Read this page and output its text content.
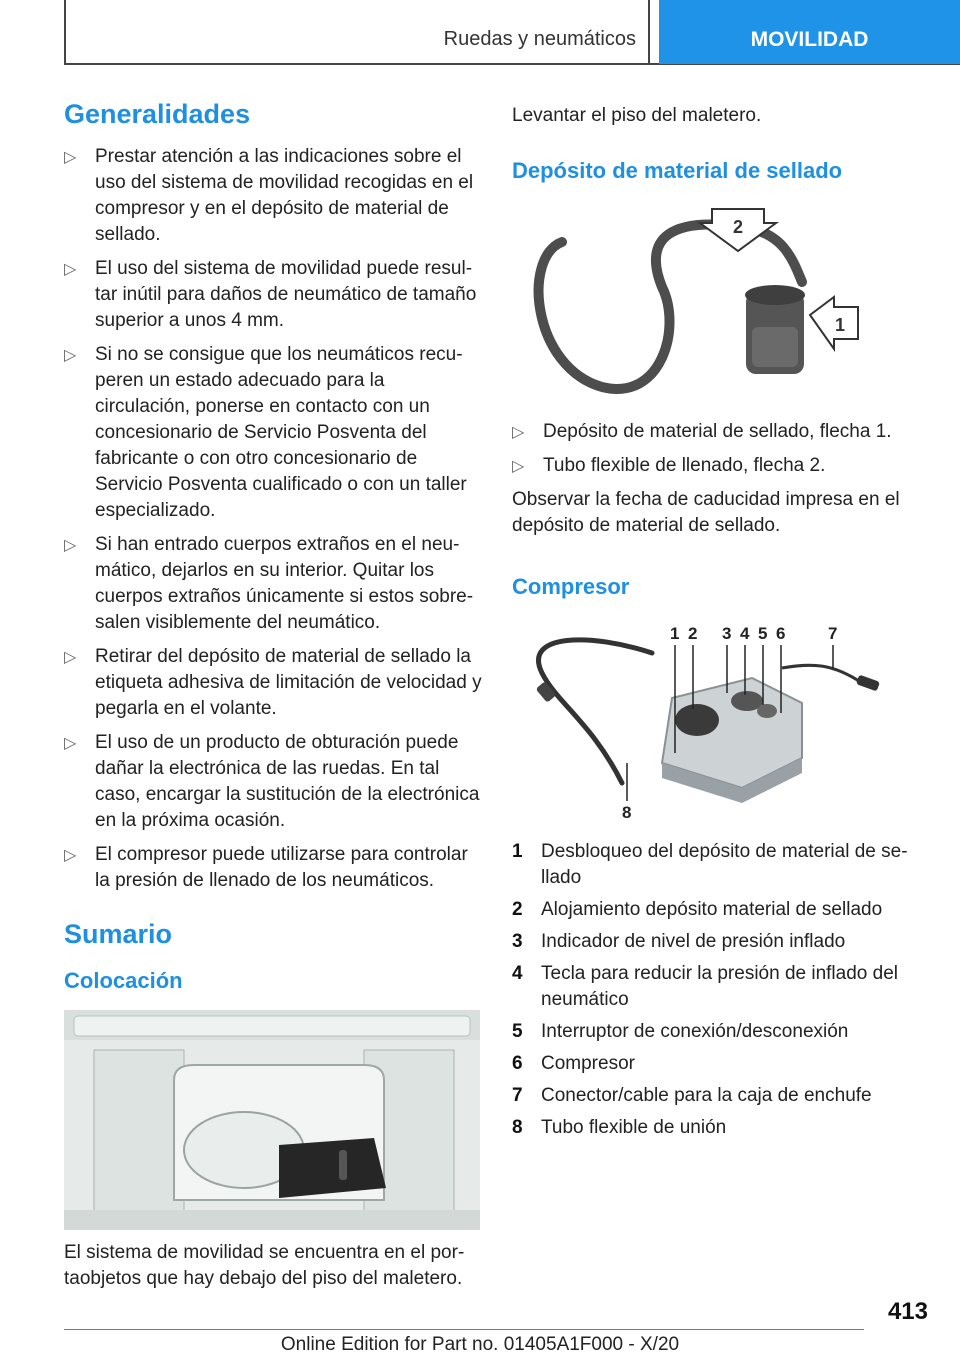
Ruedas y neumáticos	MOVILIDAD
Generalidades
▷ Prestar atención a las indicaciones sobre el uso del sistema de movilidad recogidas en el compresor y en el depósito de material de sellado.
▷ El uso del sistema de movilidad puede resultar inútil para daños de neumático de tamaño superior a unos 4 mm.
▷ Si no se consigue que los neumáticos recuperen un estado adecuado para la circulación, ponerse en contacto con un concesionario de Servicio Posventa del fabricante o con otro concesionario de Servicio Posventa cualificado o con un taller especializado.
▷ Si han entrado cuerpos extraños en el neumático, dejarlos en su interior. Quitar los cuerpos extraños únicamente si estos sobresalen visiblemente del neumático.
▷ Retirar del depósito de material de sellado la etiqueta adhesiva de limitación de velocidad y pegarla en el volante.
▷ El uso de un producto de obturación puede dañar la electrónica de las ruedas. En tal caso, encargar la sustitución de la electrónica en la próxima ocasión.
▷ El compresor puede utilizarse para controlar la presión de llenado de los neumáticos.
Sumario
Colocación

El sistema de movilidad se encuentra en el portaobjetos que hay debajo del piso del maletero.

Levantar el piso del maletero.

Depósito de material de sellado
2
1
▷ Depósito de material de sellado, flecha 1.
▷ Tubo flexible de llenado, flecha 2.

Observar la fecha de caducidad impresa en el depósito de material de sellado.

Compresor
1 2 3 4 5 6	7
8
1 Desbloqueo del depósito de material de sellado
2 Alojamiento depósito material de sellado
3 Indicador de nivel de presión inflado
4 Tecla para reducir la presión de inflado del neumático
5 Interruptor de conexión/desconexión
6 Compresor
7 Conector/cable para la caja de enchufe
8 Tubo flexible de unión
413
Online Edition for Part no. 01405A1F000 - X/20
